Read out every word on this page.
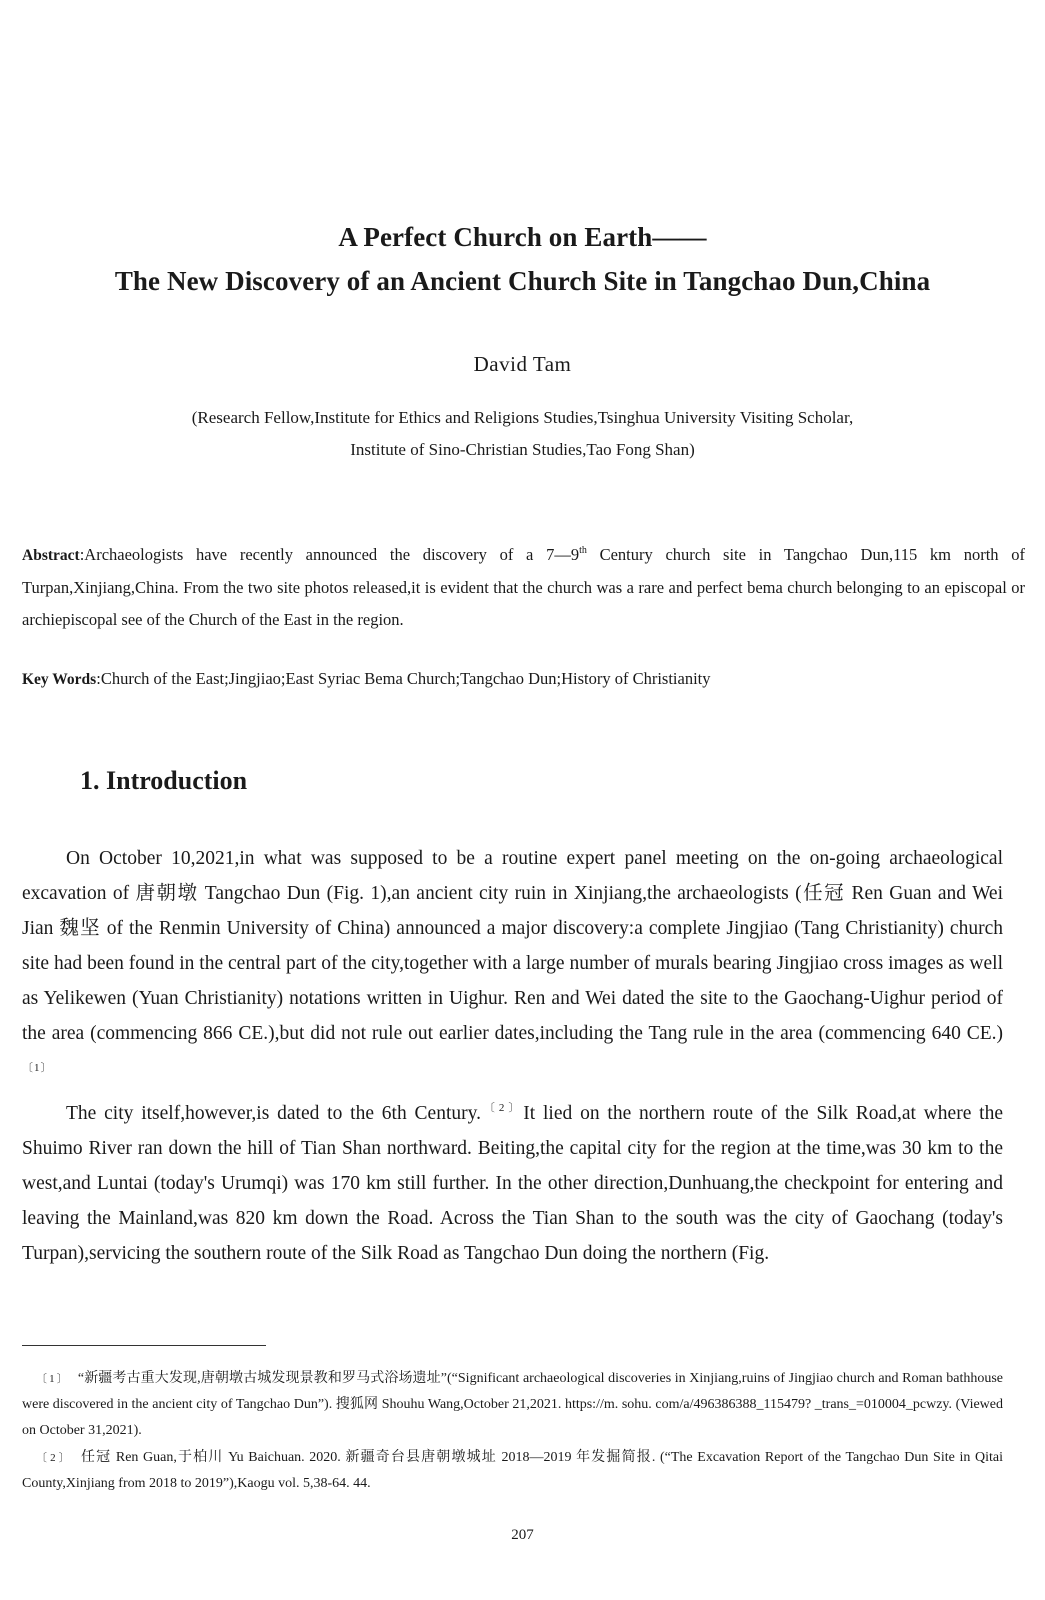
A Perfect Church on Earth——
The New Discovery of an Ancient Church Site in Tangchao Dun,China
David Tam
(Research Fellow,Institute for Ethics and Religions Studies,Tsinghua University Visiting Scholar,
Institute of Sino-Christian Studies,Tao Fong Shan)
Abstract:Archaeologists have recently announced the discovery of a 7—9th Century church site in Tangchao Dun,115 km north of Turpan,Xinjiang,China. From the two site photos released,it is evident that the church was a rare and perfect bema church belonging to an episcopal or archiepiscopal see of the Church of the East in the region.
Key Words:Church of the East;Jingjiao;East Syriac Bema Church;Tangchao Dun;History of Christianity
1. Introduction

On October 10,2021,in what was supposed to be a routine expert panel meeting on the on-going archaeological excavation of 唐朝墩 Tangchao Dun (Fig. 1),an ancient city ruin in Xinjiang,the archaeologists (任冠 Ren Guan and Wei Jian 魏坚 of the Renmin University of China) announced a major discovery:a complete Jingjiao (Tang Christianity) church site had been found in the central part of the city,together with a large number of murals bearing Jingjiao cross images as well as Yelikewen (Yuan Christianity) notations written in Uighur. Ren and Wei dated the site to the Gaochang-Uighur period of the area (commencing 866 CE.),but did not rule out earlier dates,including the Tang rule in the area (commencing 640 CE.)$^{〔1〕}$

The city itself,however,is dated to the 6th Century.$^{〔2〕}$It lied on the northern route of the Silk Road,at where the Shuimo River ran down the hill of Tian Shan northward. Beiting,the capital city for the region at the time,was 30 km to the west,and Luntai (today's Urumqi) was 170 km still further. In the other direction,Dunhuang,the checkpoint for entering and leaving the Mainland,was 820 km down the Road. Across the Tian Shan to the south was the city of Gaochang (today's Turpan),servicing the southern route of the Silk Road as Tangchao Dun doing the northern (Fig.

〔1〕 “新疆考古重大发现,唐朝墩古城发现景教和罗马式浴场遗址”(“Significant archaeological discoveries in Xinjiang,ruins of Jingjiao church and Roman bathhouse were discovered in the ancient city of Tangchao Dun”). 搜狐网 Shouhu Wang,October 21,2021. https://m. sohu. com/a/496386388_115479? _trans_=010004_pcwzy. (Viewed on October 31,2021).

〔2〕 任冠 Ren Guan,于柏川 Yu Baichuan. 2020. 新疆奇台县唐朝墩城址 2018—2019 年发掘简报. (“The Excavation Report of the Tangchao Dun Site in Qitai County,Xinjiang from 2018 to 2019”),Kaogu vol. 5,38-64. 44.

207
